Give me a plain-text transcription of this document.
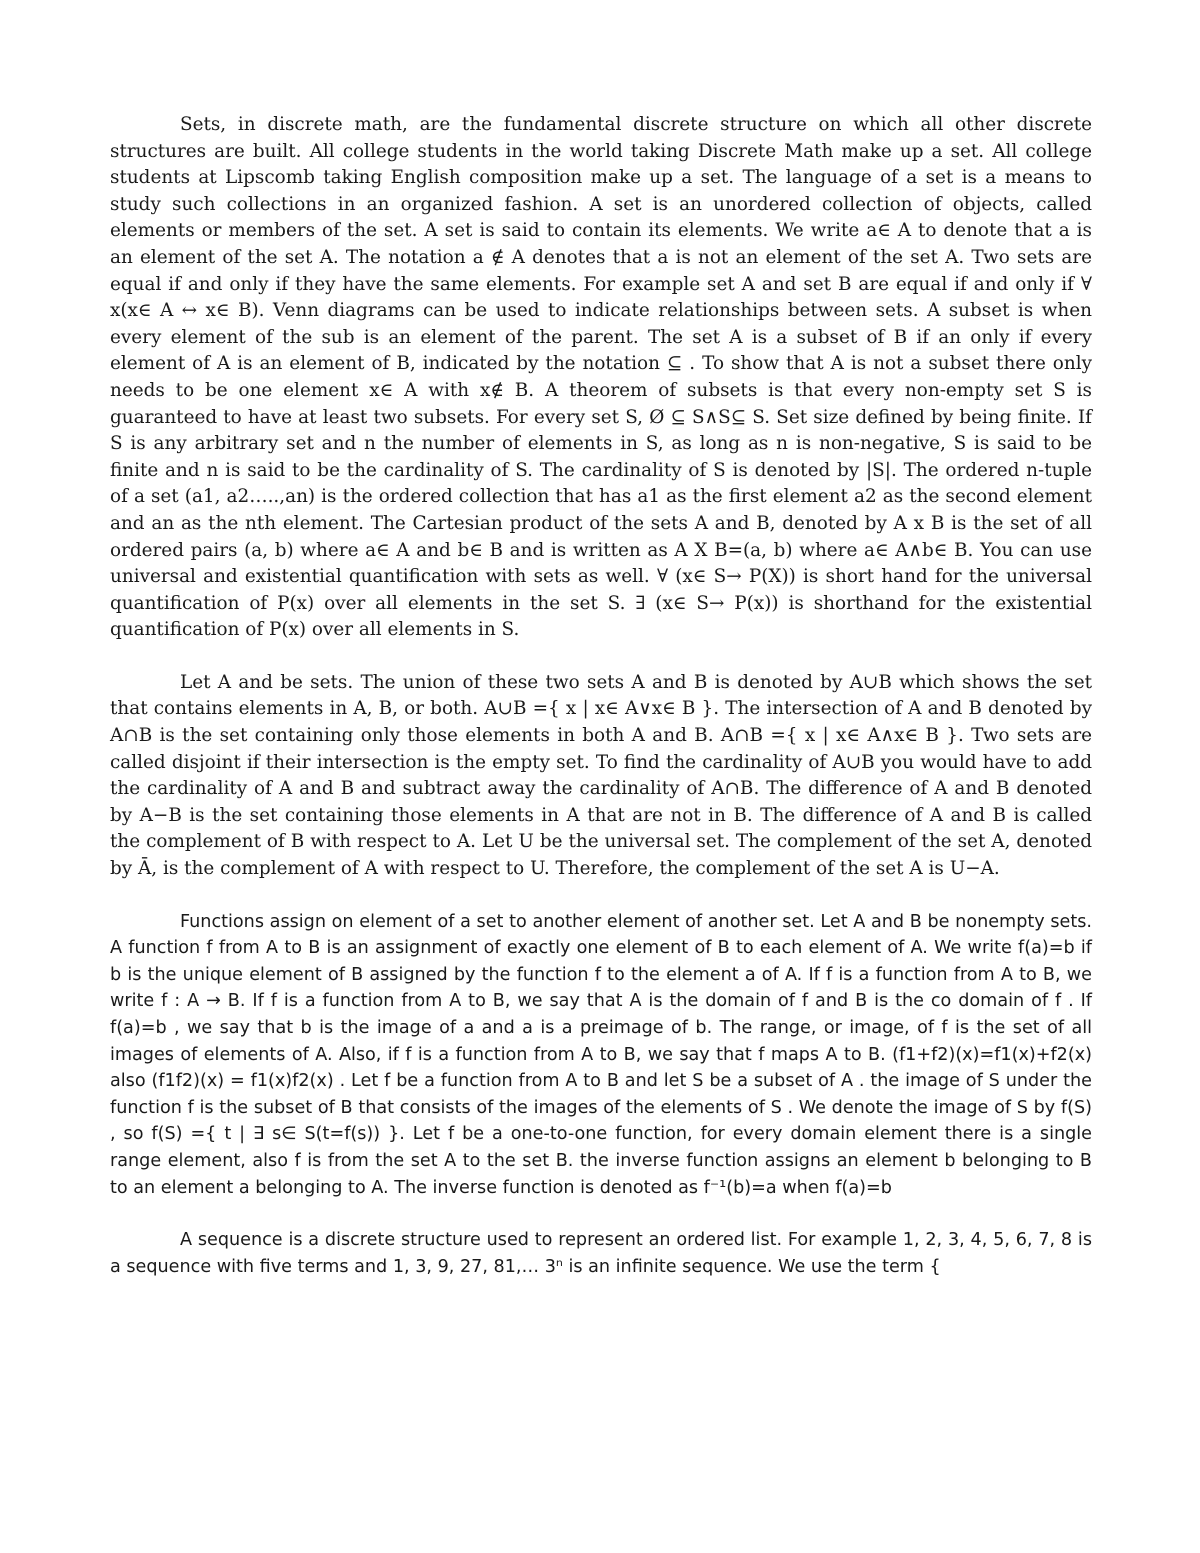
Sets, in discrete math, are the fundamental discrete structure on which all other discrete structures are built. All college students in the world taking Discrete Math make up a set. All college students at Lipscomb taking English composition make up a set. The language of a set is a means to study such collections in an organized fashion. A set is an unordered collection of objects, called elements or members of the set. A set is said to contain its elements. We write a∈ A to denote that a is an element of the set A. The notation a ∉ A denotes that a is not an element of the set A. Two sets are equal if and only if they have the same elements. For example set A and set B are equal if and only if ∀ x(x∈ A ↔ x∈ B). Venn diagrams can be used to indicate relationships between sets. A subset is when every element of the sub is an element of the parent. The set A is a subset of B if an only if every element of A is an element of B, indicated by the notation ⊆ . To show that A is not a subset there only needs to be one element x∈ A with x∉ B. A theorem of subsets is that every non-empty set S is guaranteed to have at least two subsets. For every set S, Ø ⊆ S∧S⊆ S. Set size defined by being finite. If S is any arbitrary set and n the number of elements in S, as long as n is non-negative, S is said to be finite and n is said to be the cardinality of S. The cardinality of S is denoted by |S|. The ordered n-tuple of a set (a1, a2…..,an) is the ordered collection that has a1 as the first element a2 as the second element and an as the nth element. The Cartesian product of the sets A and B, denoted by A x B is the set of all ordered pairs (a, b) where a∈ A and b∈ B and is written as A X B=(a, b) where a∈ A∧b∈ B. You can use universal and existential quantification with sets as well. ∀ (x∈ S→ P(X)) is short hand for the universal quantification of P(x) over all elements in the set S. ∃ (x∈ S→ P(x)) is shorthand for the existential quantification of P(x) over all elements in S.

Let A and be sets. The union of these two sets A and B is denoted by A∪B which shows the set that contains elements in A, B, or both. A∪B ={ x | x∈ A∨x∈ B }. The intersection of A and B denoted by A∩B is the set containing only those elements in both A and B. A∩B ={ x | x∈ A∧x∈ B }. Two sets are called disjoint if their intersection is the empty set. To find the cardinality of A∪B you would have to add the cardinality of A and B and subtract away the cardinality of A∩B. The difference of A and B denoted by A−B is the set containing those elements in A that are not in B. The difference of A and B is called the complement of B with respect to A. Let U be the universal set. The complement of the set A, denoted by Ā, is the complement of A with respect to U. Therefore, the complement of the set A is U−A.

Functions assign on element of a set to another element of another set. Let A and B be nonempty sets. A function f from A to B is an assignment of exactly one element of B to each element of A. We write f(a)=b if b is the unique element of B assigned by the function f to the element a of A. If f is a function from A to B, we write f : A → B. If f is a function from A to B, we say that A is the domain of f and B is the co domain of f . If f(a)=b , we say that b is the image of a and a is a preimage of b. The range, or image, of f is the set of all images of elements of A. Also, if f is a function from A to B, we say that f maps A to B. (f1+f2)(x)=f1(x)+f2(x) also (f1f2)(x) = f1(x)f2(x) . Let f be a function from A to B and let S be a subset of A . the image of S under the function f is the subset of B that consists of the images of the elements of S . We denote the image of S by f(S) , so f(S) ={ t | ∃ s∈ S(t=f(s)) }. Let f be a one-to-one function, for every domain element there is a single range element, also f is from the set A to the set B. the inverse function assigns an element b belonging to B to an element a belonging to A. The inverse function is denoted as f⁻¹(b)=a when f(a)=b

A sequence is a discrete structure used to represent an ordered list. For example 1, 2, 3, 4, 5, 6, 7, 8 is a sequence with five terms and 1, 3, 9, 27, 81,… 3ⁿ is an infinite sequence. We use the term {
